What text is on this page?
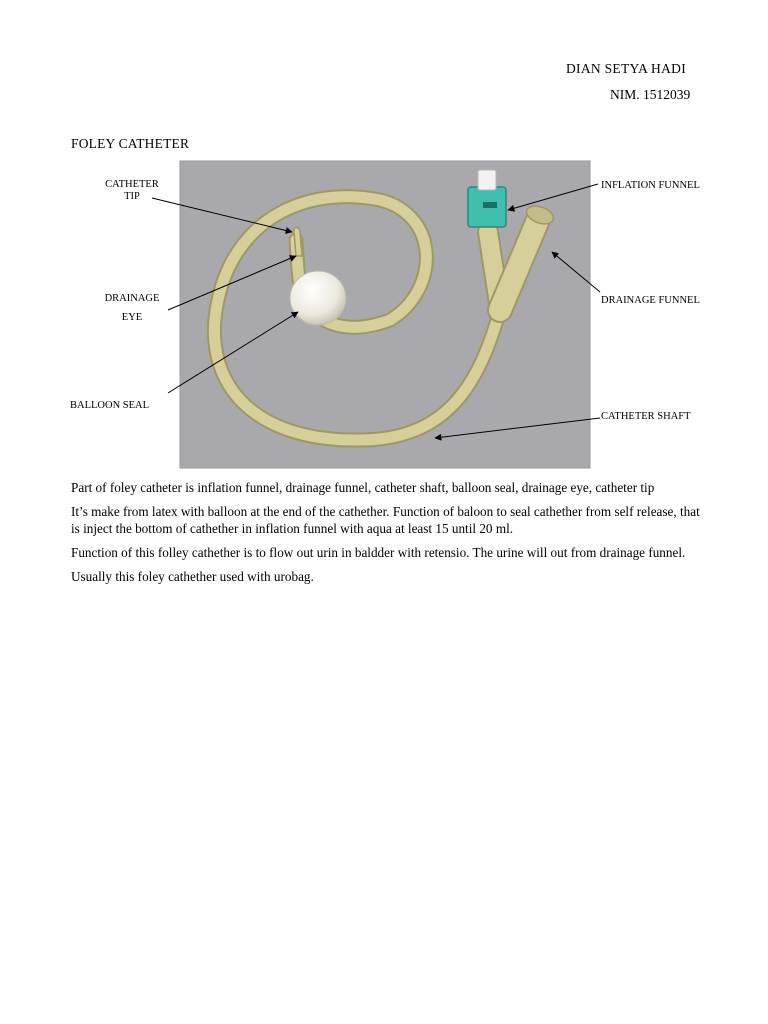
DIAN SETYA HADI
NIM. 1512039
FOLEY CATHETER
CATHETER
TIP
DRAINAGE
EYE
BALLOON SEAL
INFLATION FUNNEL
DRAINAGE FUNNEL
CATHETER SHAFT

Part of foley catheter is inflation funnel, drainage funnel, catheter shaft, balloon seal, drainage eye, catheter tip

It’s make from latex with balloon at the end of the cathether. Function of baloon to seal cathether from self release, that is inject the bottom of cathether in inflation funnel with aqua at least 15 until 20 ml.

Function of this folley cathether is to flow out urin in baldder with retensio. The urine will out from drainage funnel.

Usually this foley cathether used with urobag.
